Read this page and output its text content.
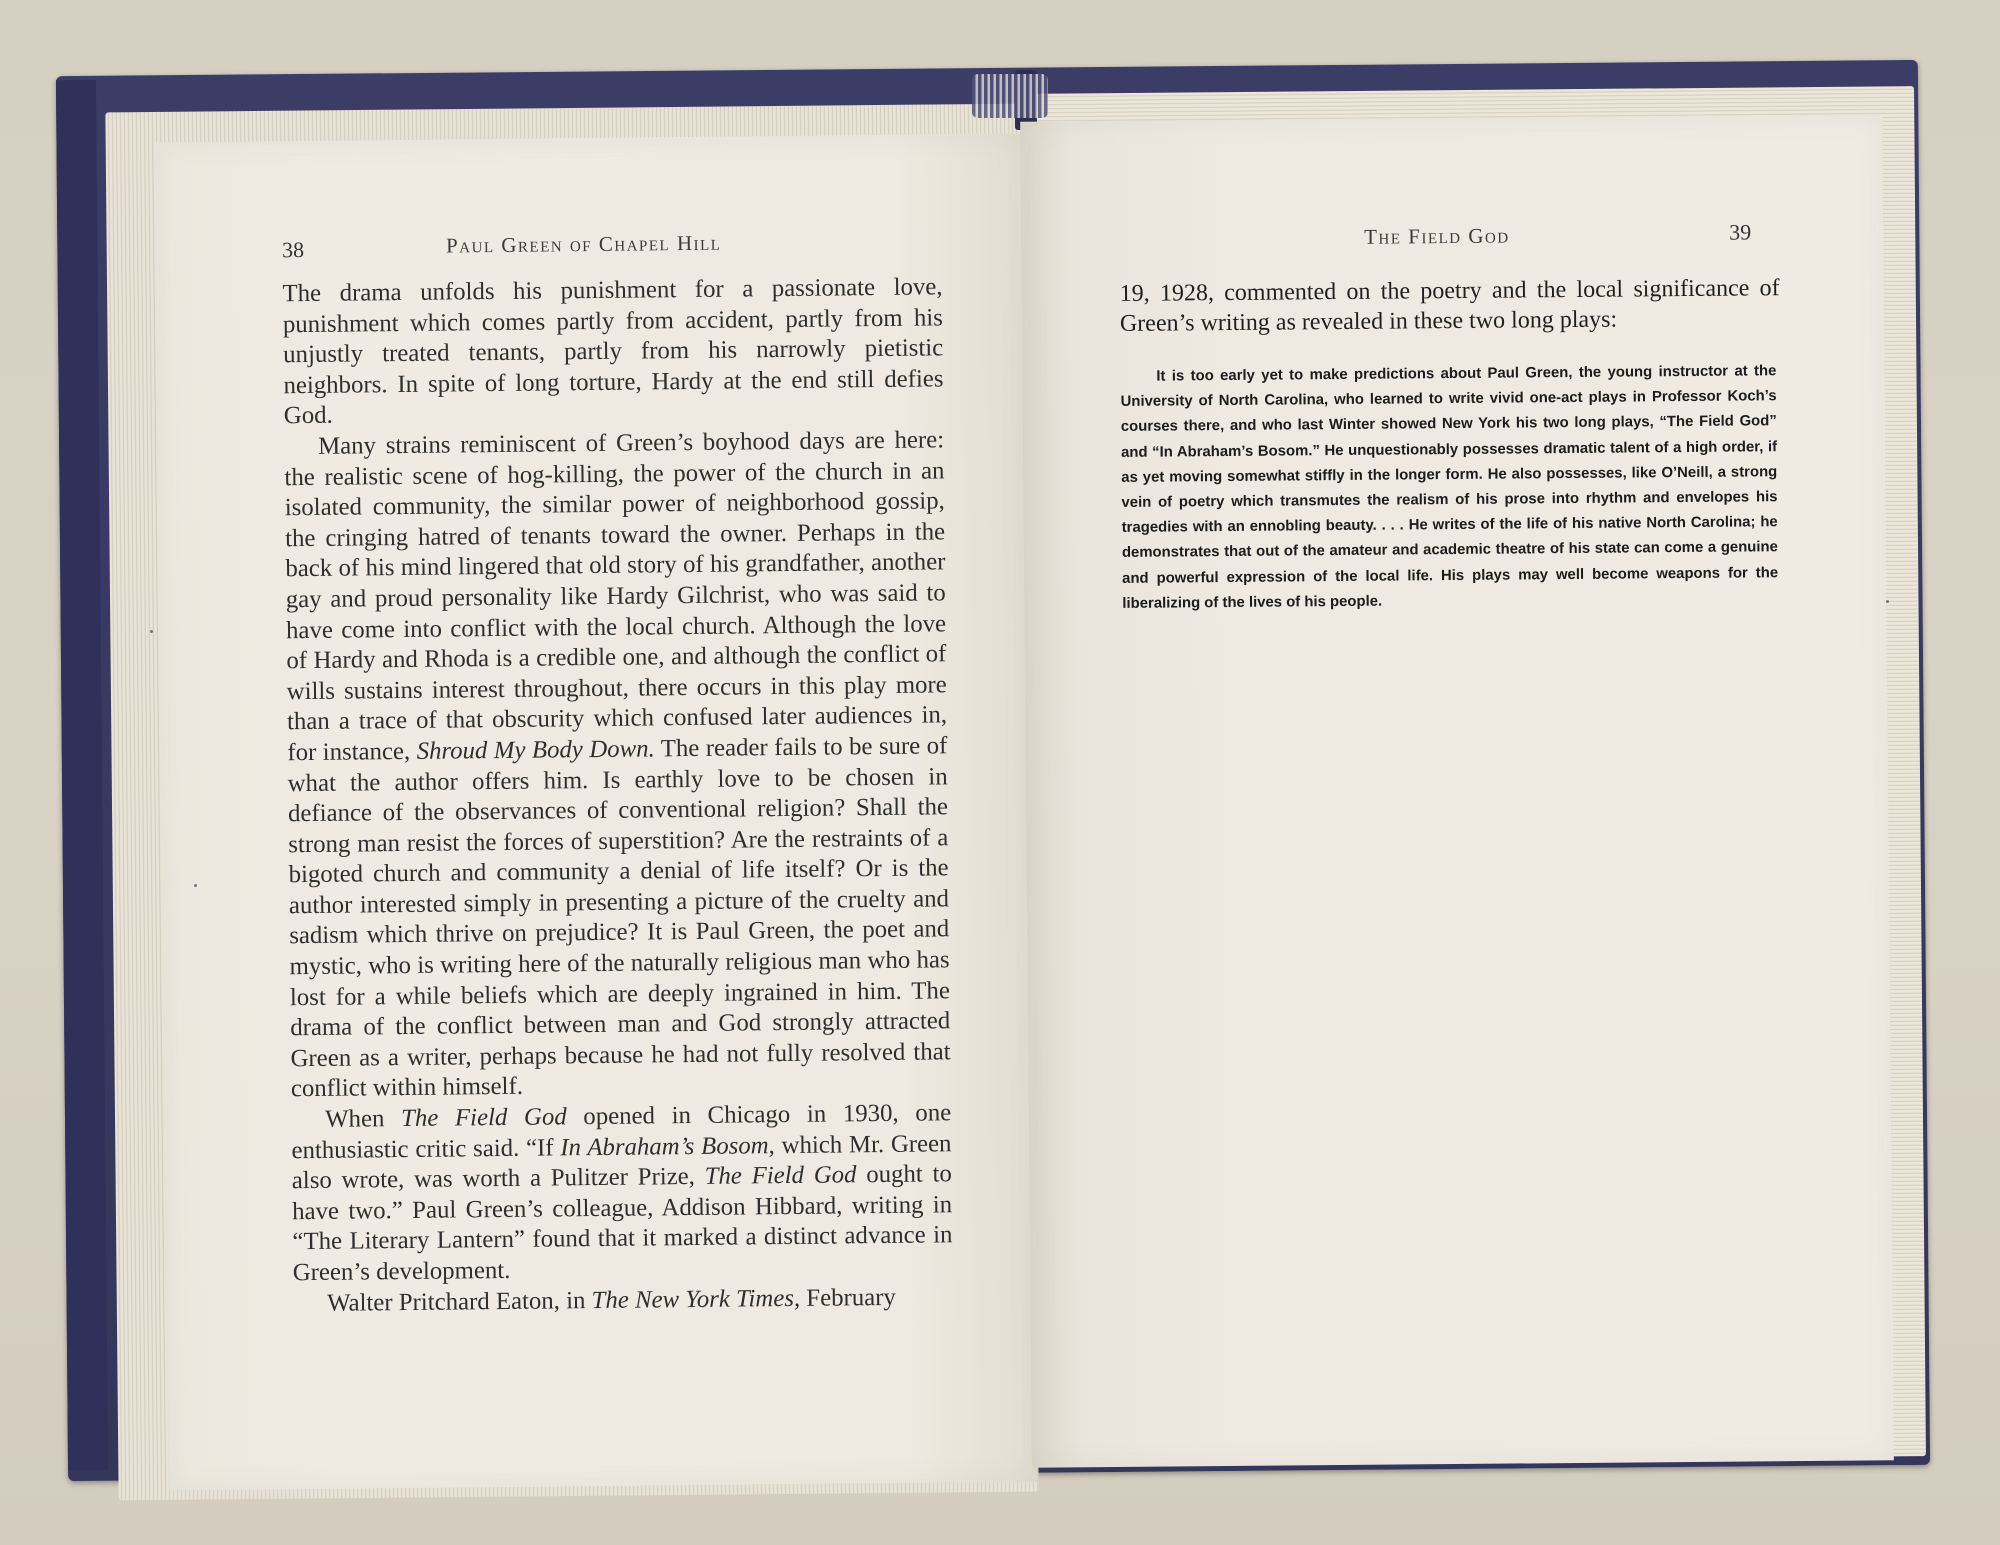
38	Paul Green of Chapel Hill

The drama unfolds his punishment for a passionate love, punishment which comes partly from accident, partly from his unjustly treated tenants, partly from his narrowly pietistic neighbors. In spite of long torture, Hardy at the end still defies God.

Many strains reminiscent of Green’s boyhood days are here: the realistic scene of hog-killing, the power of the church in an isolated community, the similar power of neighborhood gossip, the cringing hatred of tenants toward the owner. Perhaps in the back of his mind lingered that old story of his grandfather, another gay and proud personality like Hardy Gilchrist, who was said to have come into conflict with the local church. Although the love of Hardy and Rhoda is a credible one, and although the conflict of wills sustains interest throughout, there occurs in this play more than a trace of that obscurity which confused later audiences in, for instance, Shroud My Body Down. The reader fails to be sure of what the author offers him. Is earthly love to be chosen in defiance of the observances of conventional religion? Shall the strong man resist the forces of superstition? Are the restraints of a bigoted church and community a denial of life itself? Or is the author interested simply in presenting a picture of the cruelty and sadism which thrive on prejudice? It is Paul Green, the poet and mystic, who is writing here of the naturally religious man who has lost for a while beliefs which are deeply ingrained in him. The drama of the conflict between man and God strongly attracted Green as a writer, perhaps because he had not fully resolved that conflict within himself.

When The Field God opened in Chicago in 1930, one enthusiastic critic said. “If In Abraham’s Bosom, which Mr. Green also wrote, was worth a Pulitzer Prize, The Field God ought to have two.” Paul Green’s colleague, Addison Hibbard, writing in “The Literary Lantern” found that it marked a distinct advance in Green’s development.

Walter Pritchard Eaton, in The New York Times, February

The Field God	39

19, 1928, commented on the poetry and the local significance of Green’s writing as revealed in these two long plays:

It is too early yet to make predictions about Paul Green, the young instructor at the University of North Carolina, who learned to write vivid one-act plays in Professor Koch’s courses there, and who last Winter showed New York his two long plays, “The Field God” and “In Abraham’s Bosom.” He unquestionably possesses dramatic talent of a high order, if as yet moving somewhat stiffly in the longer form. He also possesses, like O’Neill, a strong vein of poetry which transmutes the realism of his prose into rhythm and envelopes his tragedies with an ennobling beauty. . . . He writes of the life of his native North Carolina; he demonstrates that out of the amateur and academic theatre of his state can come a genuine and powerful expression of the local life. His plays may well become weapons for the liberalizing of the lives of his people.
